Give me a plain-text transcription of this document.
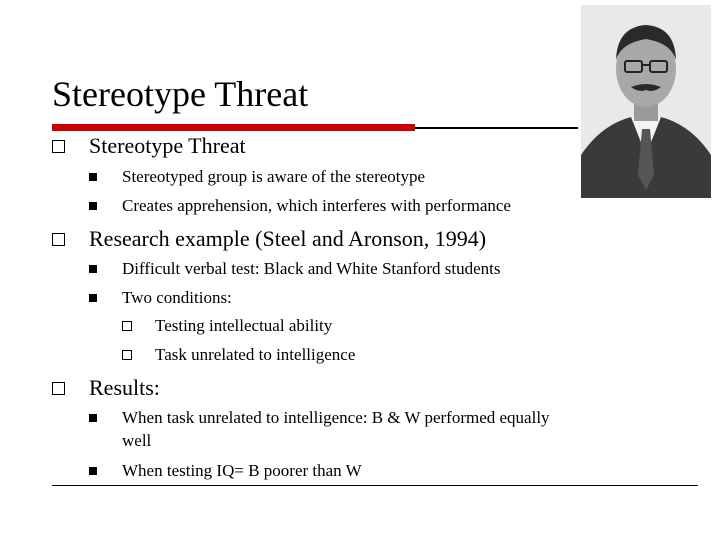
Stereotype Threat
Stereotype Threat
Stereotyped group is aware of the stereotype
Creates apprehension, which interferes with performance
Research example (Steel and Aronson, 1994)
Difficult verbal test: Black and White Stanford students
Two conditions:
Testing intellectual ability
Task unrelated to intelligence
Results:
When task unrelated to intelligence: B & W performed equally
well
When testing IQ= B poorer than W
